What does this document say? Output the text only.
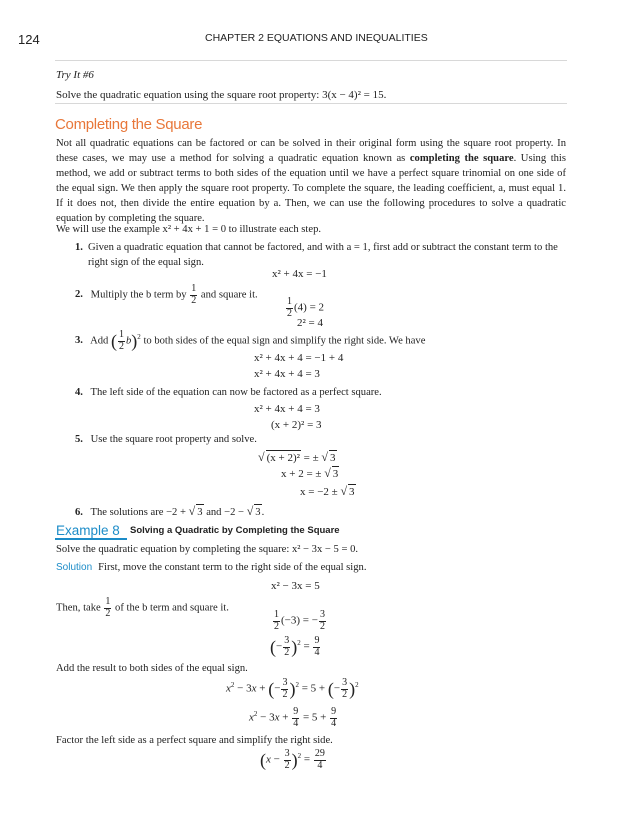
124	CHAPTER 2 EQUATIONS AND INEQUALITIES
Try It #6
Solve the quadratic equation using the square root property: 3(x − 4)² = 15.
Completing the Square
Not all quadratic equations can be factored or can be solved in their original form using the square root property. In these cases, we may use a method for solving a quadratic equation known as completing the square. Using this method, we add or subtract terms to both sides of the equation until we have a perfect square trinomial on one side of the equal sign. We then apply the square root property. To complete the square, the leading coefficient, a, must equal 1. If it does not, then divide the entire equation by a. Then, we can use the following procedures to solve a quadratic equation by completing the square.
We will use the example x² + 4x + 1 = 0 to illustrate each step.
1. Given a quadratic equation that cannot be factored, and with a = 1, first add or subtract the constant term to the right sign of the equal sign.
x² + 4x = −1
2. Multiply the b term by $\frac{1}{2}$ and square it.
$\frac{1}{2} (4) = 2$
2² = 4
3. Add ( $\frac{1}{2} b)^2$ to both sides of the equal sign and simplify the right side. We have
x² + 4x + 4 = −1 + 4
x² + 4x + 4 = 3
4. The left side of the equation can now be factored as a perfect square.
x² + 4x + 4 = 3
(x + 2)² = 3
5. Use the square root property and solve.
√ (x + 2)² = ± √ 3
x + 2 = ± √ 3
x = −2 ± √ 3
6. The solutions are −2 + √ 3 and −2 − √ 3.
Example 8 Solving a Quadratic by Completing the Square
Solve the quadratic equation by completing the square: x² − 3x − 5 = 0.
Solution First, move the constant term to the right side of the equal sign.
x² − 3x = 5
Then, take $\frac{1}{2}$ of the b term and square it.
$\frac{1}{2} (-3)$ = − $\frac{3}{2}$
(− $\frac{3}{2} )^2 = \frac{9}{4}$
Add the result to both sides of the equal sign.
$x^2 - 3x$ + (− $\frac{3}{2} )^2 = 5$ + (− $\frac{3}{2} )^2$
$x^2 - 3x + \frac{9}{4} = 5 + \frac{9}{4}$
Factor the left side as a perfect square and simplify the right side.
$(x - \frac{3}{2} )^2 = \frac{29}{4}$
